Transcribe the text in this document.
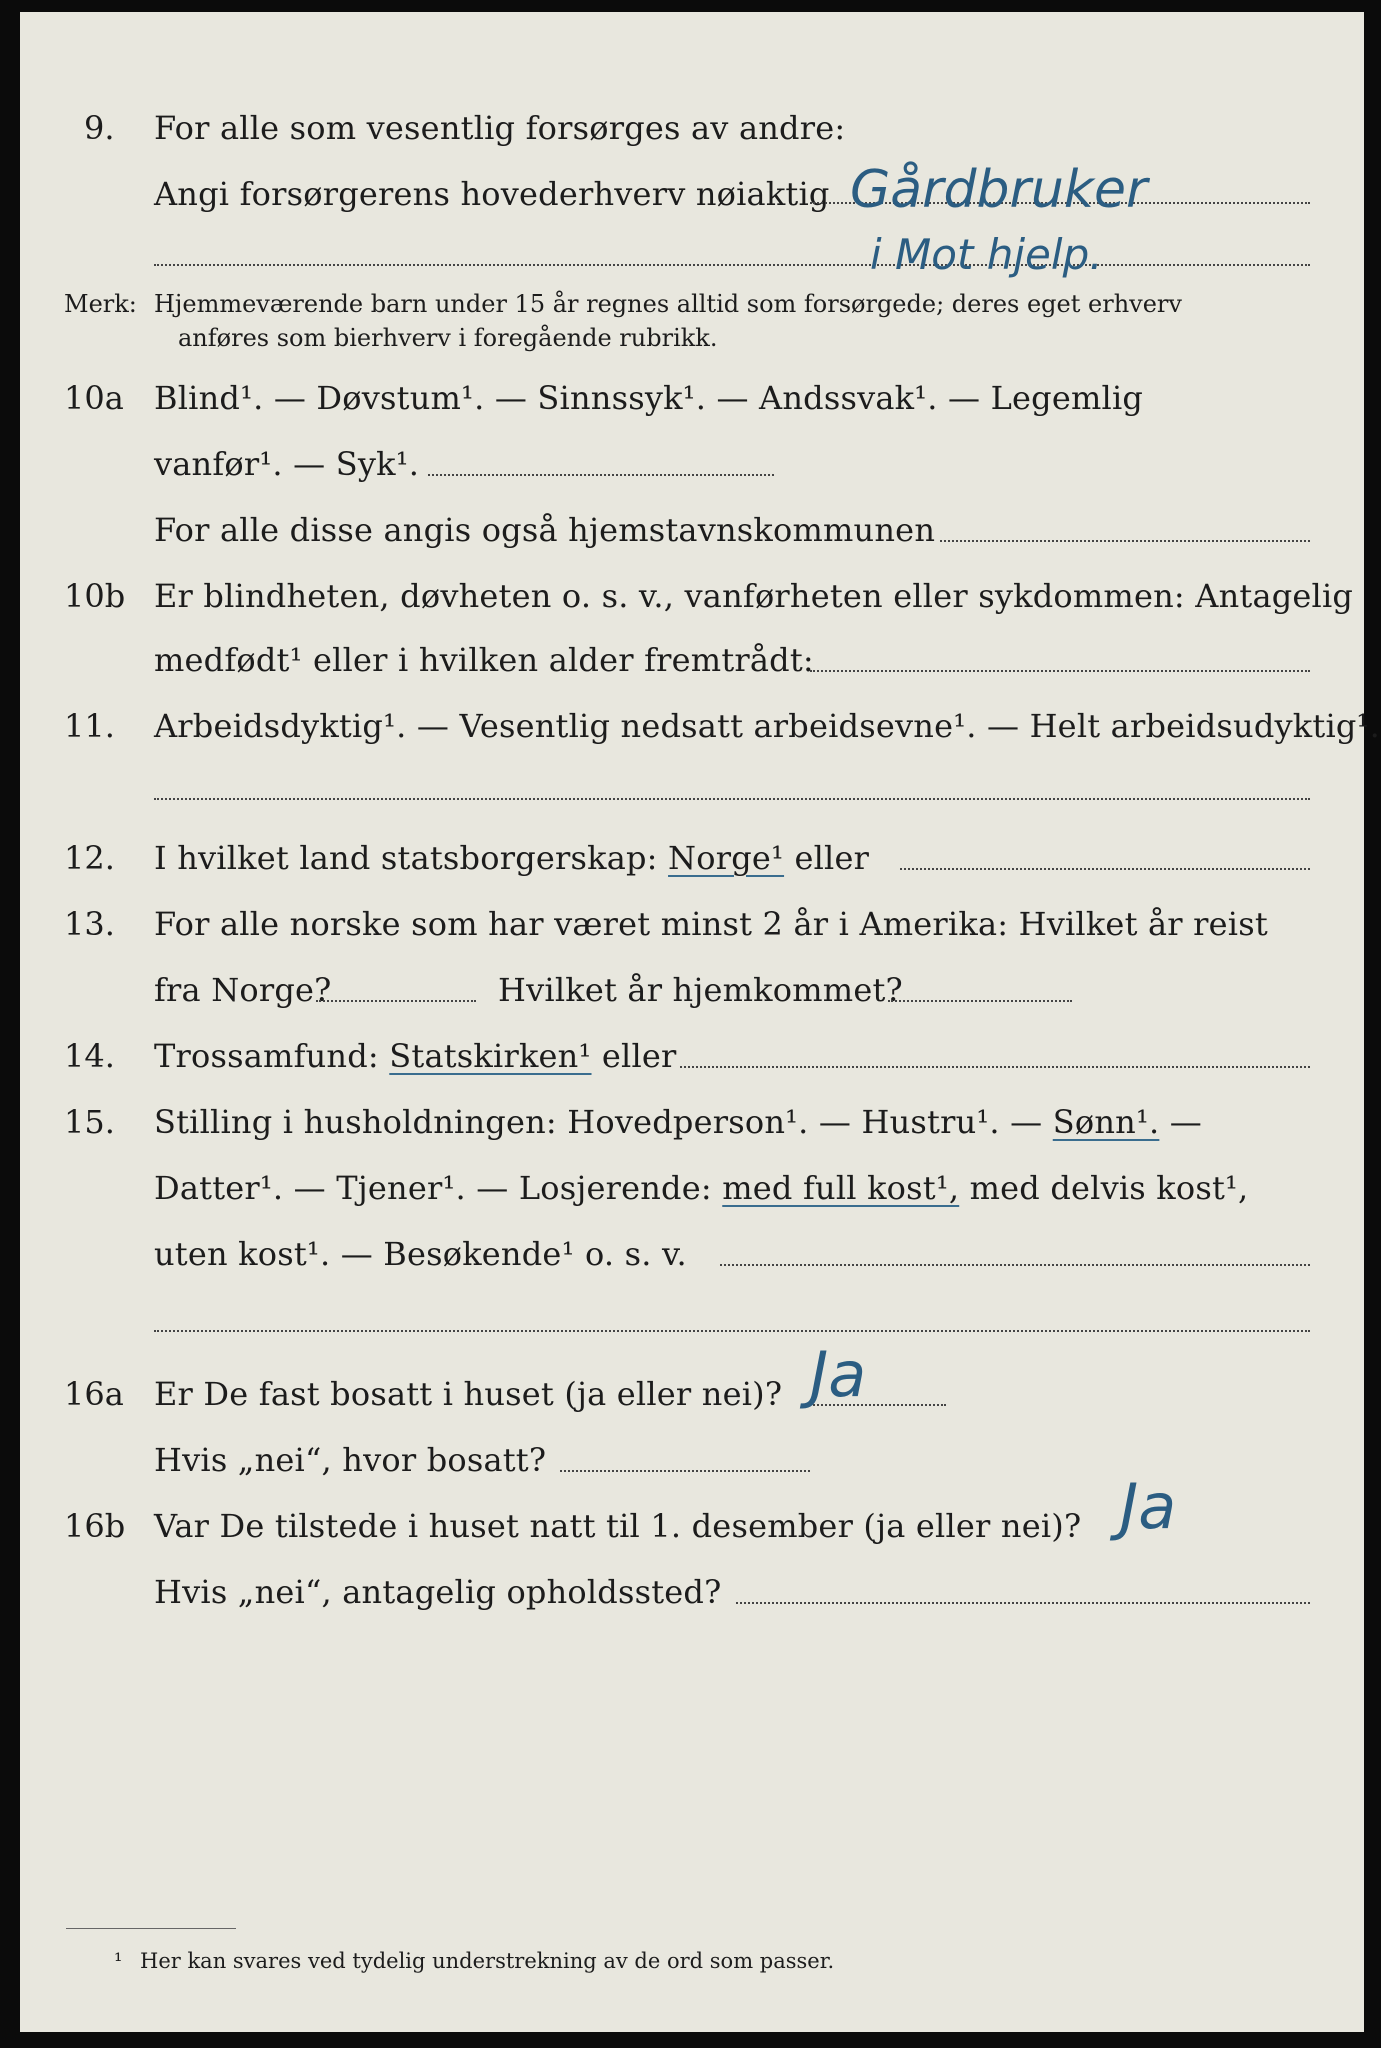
9. For alle som vesentlig forsørges av andre:
Angi forsørgerens hovederhverv nøiaktig Gårdbruker
i Mot hjelp.
Merk: Hjemmeværende barn under 15 år regnes alltid som forsørgede; deres eget erhverv
anføres som bierhverv i foregående rubrikk.
10a Blind¹. — Døvstum¹. — Sinnssyk¹. — Andssvak¹. — Legemlig
vanfør¹. — Syk¹.
For alle disse angis også hjemstavnskommunen
10b Er blindheten, døvheten o. s. v., vanførheten eller sykdommen: Antagelig
medfødt¹ eller i hvilken alder fremtrådt:
11. Arbeidsdyktig¹. — Vesentlig nedsatt arbeidsevne¹. — Helt arbeidsudyktig¹.
12. I hvilket land statsborgerskap: Norge¹ eller
13. For alle norske som har været minst 2 år i Amerika: Hvilket år reist
fra Norge?	Hvilket år hjemkommet?
14. Trossamfund: Statskirken¹ eller
15. Stilling i husholdningen: Hovedperson¹. — Hustru¹. — Sønn¹. —
Datter¹. — Tjener¹. — Losjerende: med full kost¹, med delvis kost¹,
uten kost¹. — Besøkende¹ o. s. v.
16a Er De fast bosatt i huset (ja eller nei)? Ja
Hvis „nei“, hvor bosatt?
16b Var De tilstede i huset natt til 1. desember (ja eller nei)? Ja
Hvis „nei“, antagelig opholdssted?
¹ Her kan svares ved tydelig understrekning av de ord som passer.
